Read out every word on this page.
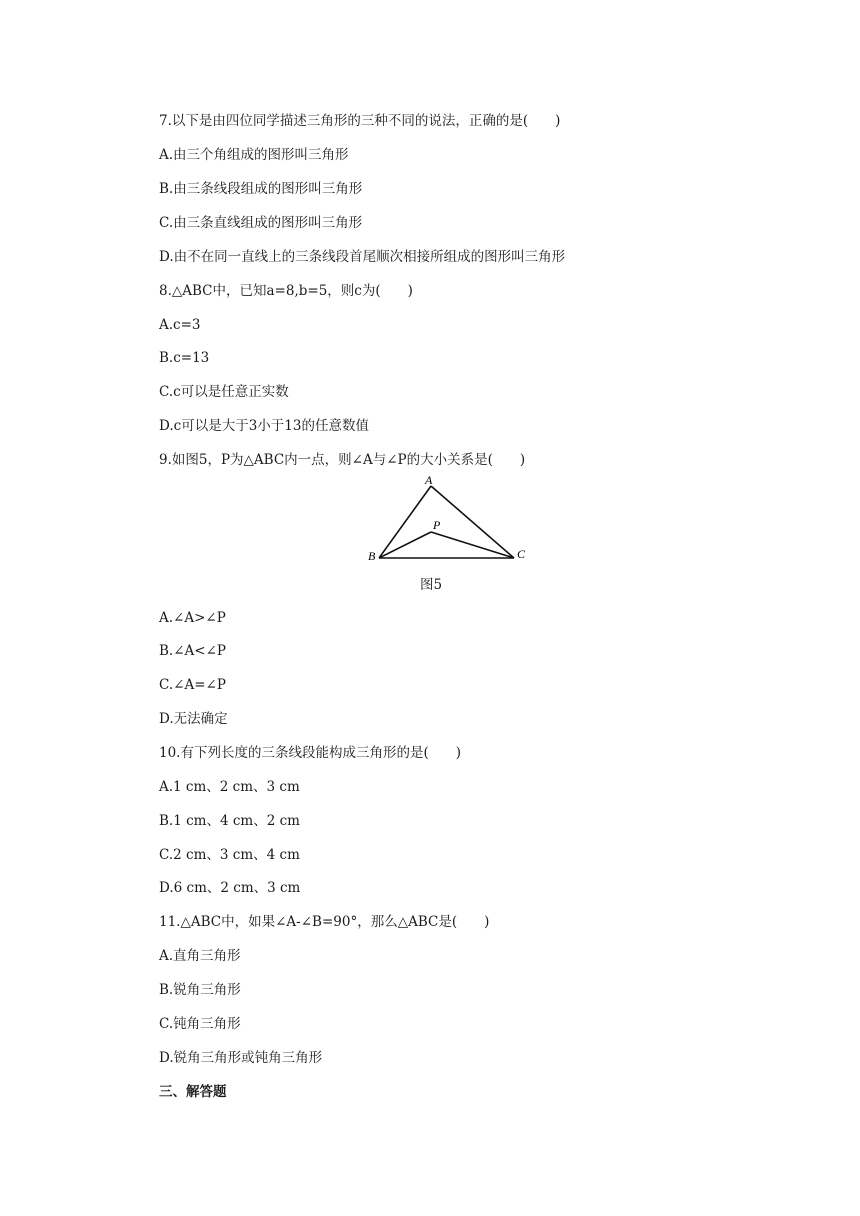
7.以下是由四位同学描述三角形的三种不同的说法，正确的是(　　)
A.由三个角组成的图形叫三角形
B.由三条线段组成的图形叫三角形
C.由三条直线组成的图形叫三角形
D.由不在同一直线上的三条线段首尾顺次相接所组成的图形叫三角形
8.△ABC中，已知a=8,b=5，则c为(　　)
A.c=3
B.c=13
C.c可以是任意正实数
D.c可以是大于3小于13的任意数值
9.如图5，P为△ABC内一点，则∠A与∠P的大小关系是(　　)
A
B	C
P
图5
A.∠A>∠P
B.∠A<∠P
C.∠A=∠P
D.无法确定
10.有下列长度的三条线段能构成三角形的是(　　)
A.1 cm、2 cm、3 cm
B.1 cm、4 cm、2 cm
C.2 cm、3 cm、4 cm
D.6 cm、2 cm、3 cm
11.△ABC中，如果∠A-∠B=90°，那么△ABC是(　　)
A.直角三角形
B.锐角三角形
C.钝角三角形
D.锐角三角形或钝角三角形
三、解答题
